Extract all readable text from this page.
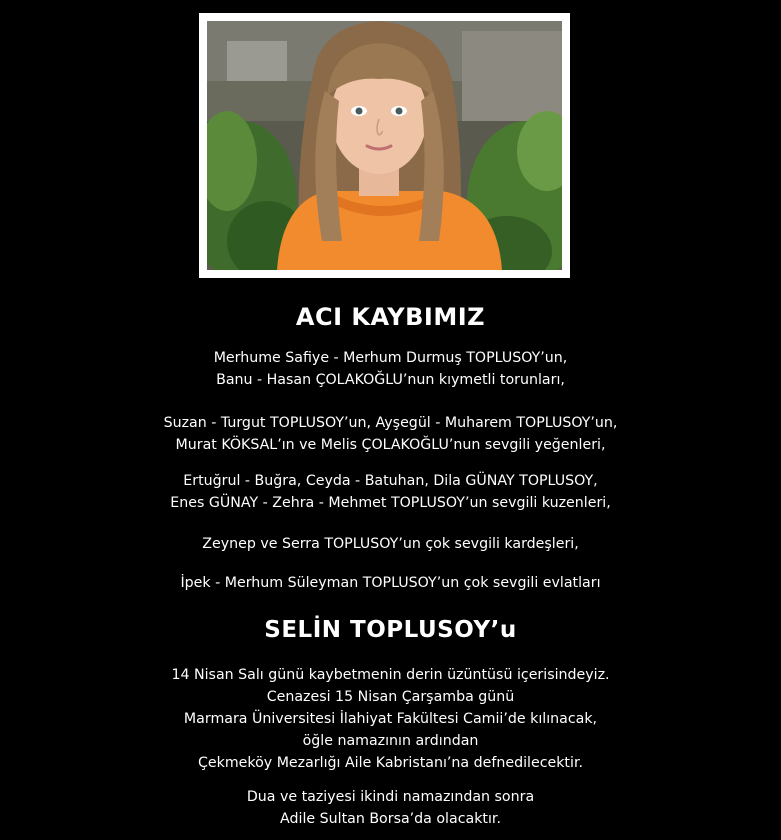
ACI KAYBIMIZ
Merhume Safiye - Merhum Durmuş TOPLUSOY’un,
Banu - Hasan ÇOLAKOĞLU’nun kıymetli torunları,
Suzan - Turgut TOPLUSOY’un, Ayşegül - Muharem TOPLUSOY’un,
Murat KÖKSAL’ın ve Melis ÇOLAKOĞLU’nun sevgili yeğenleri,
Ertuğrul - Buğra, Ceyda - Batuhan, Dila GÜNAY TOPLUSOY,
Enes GÜNAY - Zehra - Mehmet TOPLUSOY’un sevgili kuzenleri,
Zeynep ve Serra TOPLUSOY’un çok sevgili kardeşleri,
İpek - Merhum Süleyman TOPLUSOY’un çok sevgili evlatları
SELİN TOPLUSOY’u
14 Nisan Salı günü kaybetmenin derin üzüntüsü içerisindeyiz.
Cenazesi 15 Nisan Çarşamba günü
Marmara Üniversitesi İlahiyat Fakültesi Camii’de kılınacak,
öğle namazının ardından
Çekmeköy Mezarlığı Aile Kabristanı’na defnedilecektir.
Dua ve taziyesi ikindi namazından sonra
Adile Sultan Borsa’da olacaktır.
